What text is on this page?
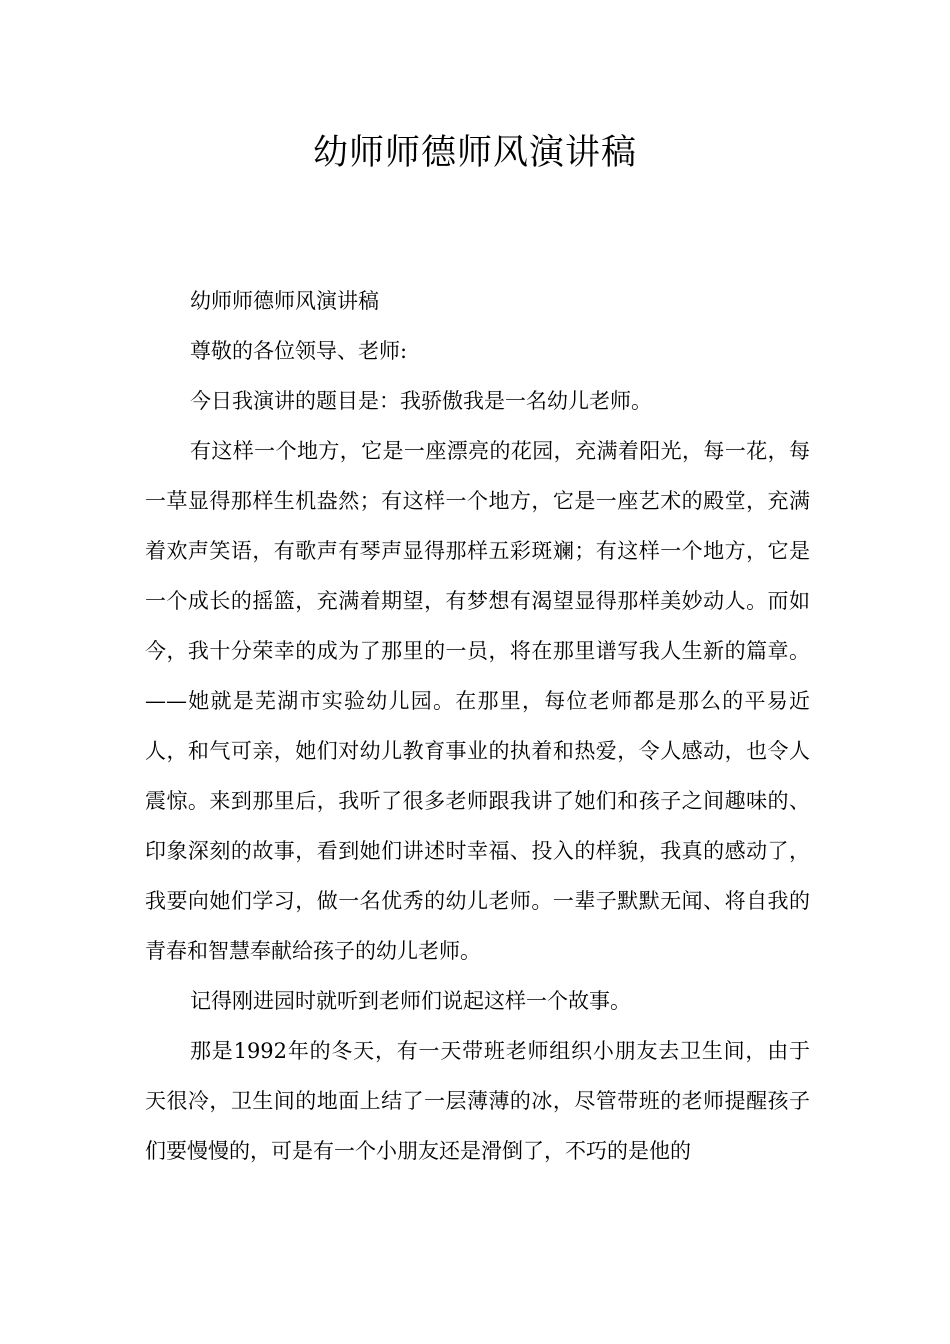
幼师师德师风演讲稿

幼师师德师风演讲稿

尊敬的各位领导、老师:

今日我演讲的题目是：我骄傲我是一名幼儿老师。

有这样一个地方，它是一座漂亮的花园，充满着阳光，每一花，每一草显得那样生机盎然；有这样一个地方，它是一座艺术的殿堂，充满着欢声笑语，有歌声有琴声显得那样五彩斑斓；有这样一个地方，它是一个成长的摇篮，充满着期望，有梦想有渴望显得那样美妙动人。而如今，我十分荣幸的成为了那里的一员，将在那里谱写我人生新的篇章。——她就是芜湖市实验幼儿园。在那里，每位老师都是那么的平易近人，和气可亲，她们对幼儿教育事业的执着和热爱，令人感动，也令人震惊。来到那里后，我听了很多老师跟我讲了她们和孩子之间趣味的、印象深刻的故事，看到她们讲述时幸福、投入的样貌，我真的感动了，我要向她们学习，做一名优秀的幼儿老师。一辈子默默无闻、将自我的青春和智慧奉献给孩子的幼儿老师。

记得刚进园时就听到老师们说起这样一个故事。

那是1992年的冬天，有一天带班老师组织小朋友去卫生间，由于天很冷，卫生间的地面上结了一层薄薄的冰，尽管带班的老师提醒孩子们要慢慢的，可是有一个小朋友还是滑倒了，不巧的是他的
